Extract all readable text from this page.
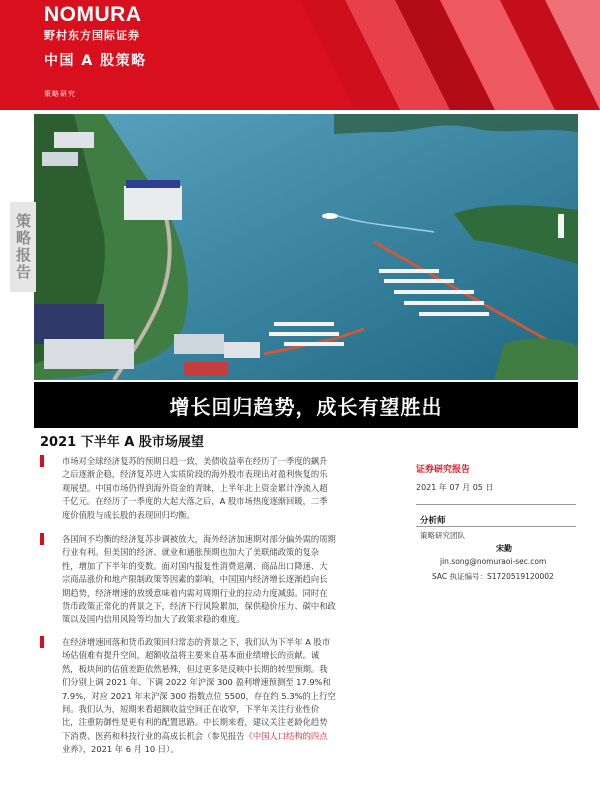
NOMURA
野村东方国际证券
中国 A 股策略
策略研究
策略报告
增长回归趋势，成长有望胜出
2021 下半年 A 股市场展望
市场对全球经济复苏的预期日趋一致，美债收益率在经历了一季度的飙升
之后逐渐企稳，经济复苏进入实质阶段的海外股市表现出对盈利恢复的乐
观展望。中国市场仍得到海外资金的青睐，上半年北上资金累计净流入超
千亿元。在经历了一季度的大起大落之后，A 股市场热度逐渐回暖，二季
度价值股与成长股的表现回归均衡。
各国间不均衡的经济复苏步调被放大，海外经济加速期对部分偏外需的周期
行业有利。但美国的经济、就业和通胀预期也加大了美联储政策的复杂
性，增加了下半年的变数。面对国内报复性消费退潮、商品出口降速、大
宗商品涨价和地产限制政策等因素的影响，中国国内经济增长逐渐趋向长
期趋势，经济增速的放缓意味着内需对周期行业的拉动力度减弱。同时在
货币政策正常化的背景之下，经济下行风险累加，保供稳价压力、碳中和政
策以及国内信用风险等均加大了政策求稳的难度。
在经济增速回落和货币政策回归常态的背景之下，我们认为下半年 A 股市
场估值难有提升空间，超额收益将主要来自基本面业绩增长的贡献。诚
然，板块间的估值差距依然悬殊，但过更多是反映中长期的转型预期。我
们分别上调 2021 年、下调 2022 年沪深 300 盈利增速预测至 17.9%和
7.9%，对应 2021 年末沪深 300 指数点位 5500，存在约 5.3%的上行空
间。我们认为，短期来看超额收益空间正在收窄，下半年关注行业性价
比，注重防御性是更有利的配置思路。中长期来看，建议关注老龄化趋势
下消费、医药和科技行业的高成长机会（参见报告《中国人口结构的四点
业养》，2021 年 6 月 10 日）。
证券研究报告
2021 年 07 月 05 日
分析师
策略研究团队
宋勤
jin.song@nomuraoi-sec.com
SAC 执证编号：S1720519120002
